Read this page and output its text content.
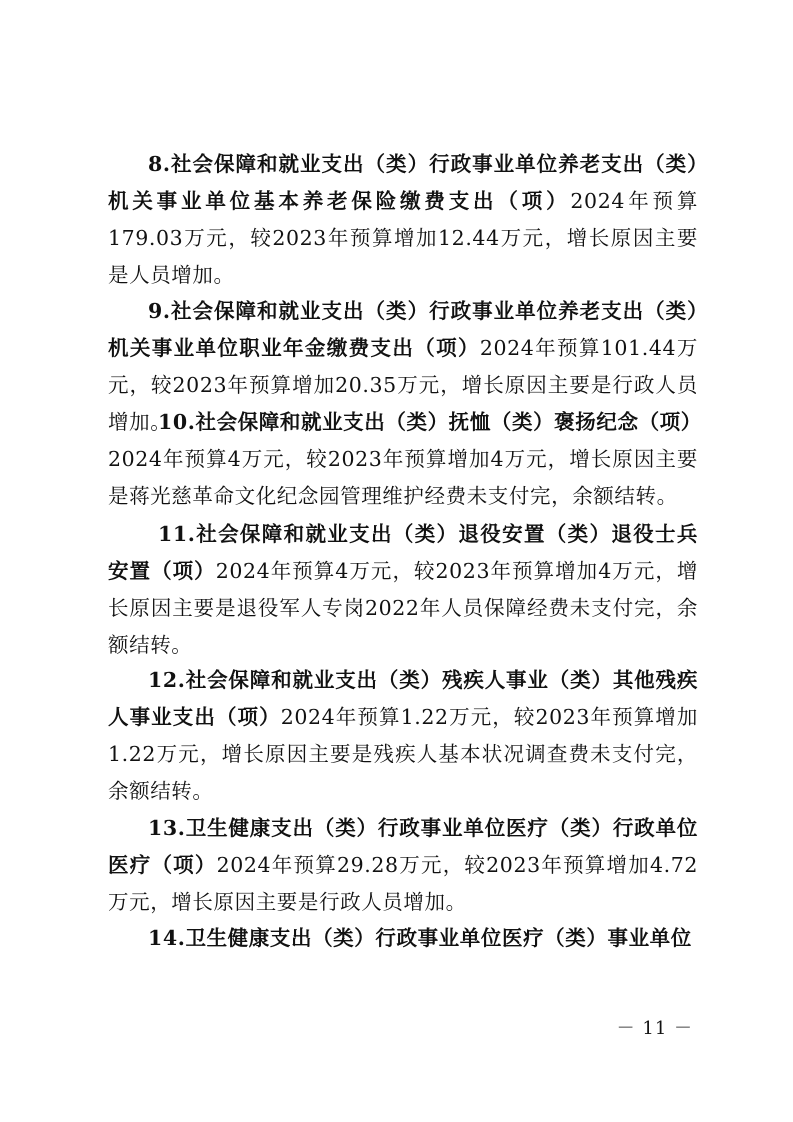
8.社会保障和就业支出（类）行政事业单位养老支出（类）机关事业单位基本养老保险缴费支出（项）2024年预算179.03万元，较2023年预算增加12.44万元，增长原因主要是人员增加。

9.社会保障和就业支出（类）行政事业单位养老支出（类）机关事业单位职业年金缴费支出（项）2024年预算101.44万元，较2023年预算增加20.35万元，增长原因主要是行政人员增加。

10.社会保障和就业支出（类）抚恤（类）褒扬纪念（项）2024年预算4万元，较2023年预算增加4万元，增长原因主要是蒋光慈革命文化纪念园管理维护经费未支付完，余额结转。

11.社会保障和就业支出（类）退役安置（类）退役士兵安置（项）2024年预算4万元，较2023年预算增加4万元，增长原因主要是退役军人专岗2022年人员保障经费未支付完，余额结转。

12.社会保障和就业支出（类）残疾人事业（类）其他残疾人事业支出（项）2024年预算1.22万元，较2023年预算增加1.22万元，增长原因主要是残疾人基本状况调查费未支付完，余额结转。

13.卫生健康支出（类）行政事业单位医疗（类）行政单位医疗（项）2024年预算29.28万元，较2023年预算增加4.72万元，增长原因主要是行政人员增加。

14.卫生健康支出（类）行政事业单位医疗（类）事业单位

－ 11 －
